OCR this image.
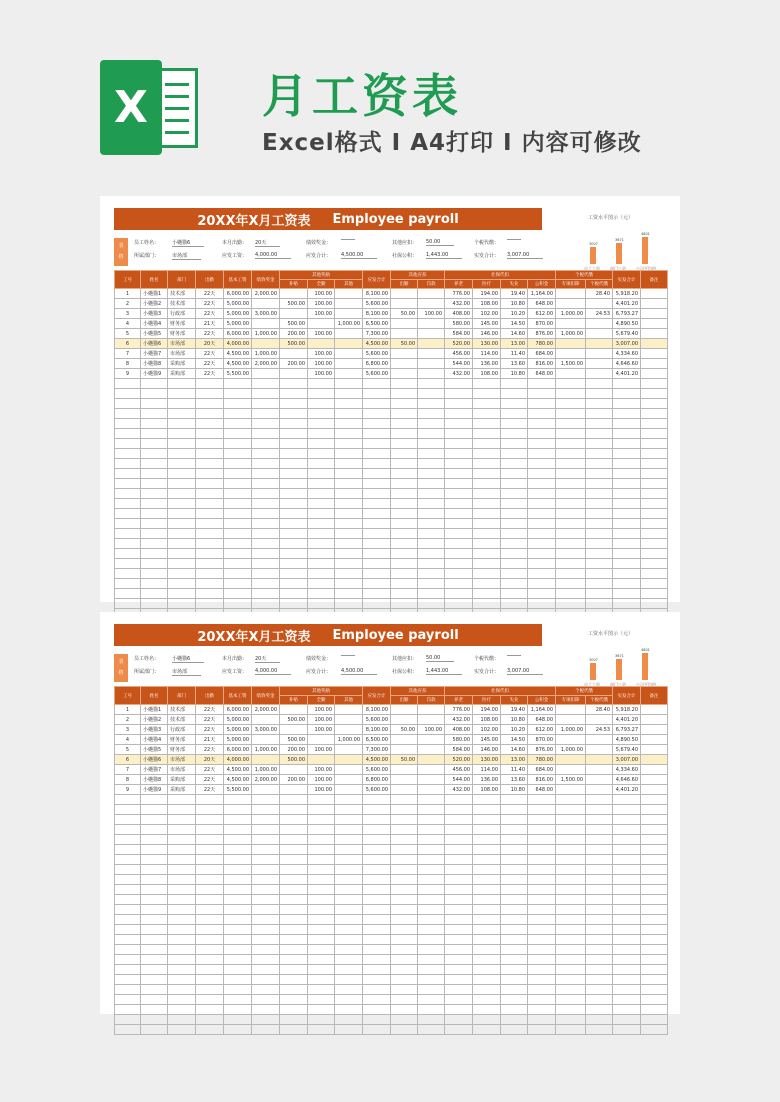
X	月工资表
Excel格式 I A4打印 I 内容可修改
20XX年X月工资表 Employee payroll
表
格
员工姓名：	小樾猫6	本月出勤： 20天	绩效奖金：	其他应扣： 50.00	个税代缴：
所属部门：	市场部	应发工资： 4,000.00	应发合计： 4,500.00	社保公积： 1,443.00	实发合计： 3,007.00
工资水平图示（元）
3007
员工工资
3671
部门工资
4801
公司平均值
工号	姓名	部门	出勤	基本工资	绩效奖金	其他奖励			应发合计	其他应扣		社保代扣				个税代缴		实发合计	备注
						补贴	全勤	其他		出勤	罚款	养老	医疗	失业	公积金	专项扣除	个税代缴		
1	小樾猫1	技术部	22天	6,000.00	2,000.00		100.00		8,100.00			776.00	194.00	19.40	1,164.00		28.40	5,918.20	
2	小樾猫2	技术部	22天	5,000.00		500.00	100.00		5,600.00			432.00	108.00	10.80	648.00			4,401.20	
3	小樾猫3	行政部	22天	5,000.00	3,000.00		100.00		8,100.00	50.00	100.00	408.00	102.00	10.20	612.00	1,000.00	24.53	6,793.27	
4	小樾猫4	财务部	21天	5,000.00		500.00		1,000.00	6,500.00			580.00	145.00	14.50	870.00			4,890.50	
5	小樾猫5	财务部	22天	6,000.00	1,000.00	200.00	100.00		7,300.00			584.00	146.00	14.60	876.00	1,000.00		5,679.40	
6	小樾猫6	市场部	20天	4,000.00		500.00			4,500.00	50.00		520.00	130.00	13.00	780.00			3,007.00	
7	小樾猫7	市场部	22天	4,500.00	1,000.00		100.00		5,600.00			456.00	114.00	11.40	684.00			4,334.60	
8	小樾猫8	采购部	22天	4,500.00	2,000.00	200.00	100.00		6,800.00			544.00	136.00	13.60	816.00	1,500.00		4,646.60	
9	小樾猫9	采购部	22天	5,500.00			100.00		5,600.00			432.00	108.00	10.80	648.00			4,401.20	

20XX年X月工资表 Employee payroll
表
格
员工姓名：	小樾猫6	本月出勤： 20天	绩效奖金：	其他应扣： 50.00	个税代缴：
所属部门：	市场部	应发工资： 4,000.00	应发合计： 4,500.00	社保公积： 1,443.00	实发合计： 3,007.00
工资水平图示（元）
3007
员工工资
3671
部门工资
4801
公司平均值
工号	姓名	部门	出勤	基本工资	绩效奖金	其他奖励			应发合计	其他应扣		社保代扣				个税代缴		实发合计	备注
						补贴	全勤	其他		出勤	罚款	养老	医疗	失业	公积金	专项扣除	个税代缴		
1	小樾猫1	技术部	22天	6,000.00	2,000.00		100.00		8,100.00			776.00	194.00	19.40	1,164.00		28.40	5,918.20	
2	小樾猫2	技术部	22天	5,000.00		500.00	100.00		5,600.00			432.00	108.00	10.80	648.00			4,401.20	
3	小樾猫3	行政部	22天	5,000.00	3,000.00		100.00		8,100.00	50.00	100.00	408.00	102.00	10.20	612.00	1,000.00	24.53	6,793.27	
4	小樾猫4	财务部	21天	5,000.00		500.00		1,000.00	6,500.00			580.00	145.00	14.50	870.00			4,890.50	
5	小樾猫5	财务部	22天	6,000.00	1,000.00	200.00	100.00		7,300.00			584.00	146.00	14.60	876.00	1,000.00		5,679.40	
6	小樾猫6	市场部	20天	4,000.00		500.00			4,500.00	50.00		520.00	130.00	13.00	780.00			3,007.00	
7	小樾猫7	市场部	22天	4,500.00	1,000.00		100.00		5,600.00			456.00	114.00	11.40	684.00			4,334.60	
8	小樾猫8	采购部	22天	4,500.00	2,000.00	200.00	100.00		6,800.00			544.00	136.00	13.60	816.00	1,500.00		4,646.60	
9	小樾猫9	采购部	22天	5,500.00			100.00		5,600.00			432.00	108.00	10.80	648.00			4,401.20	
